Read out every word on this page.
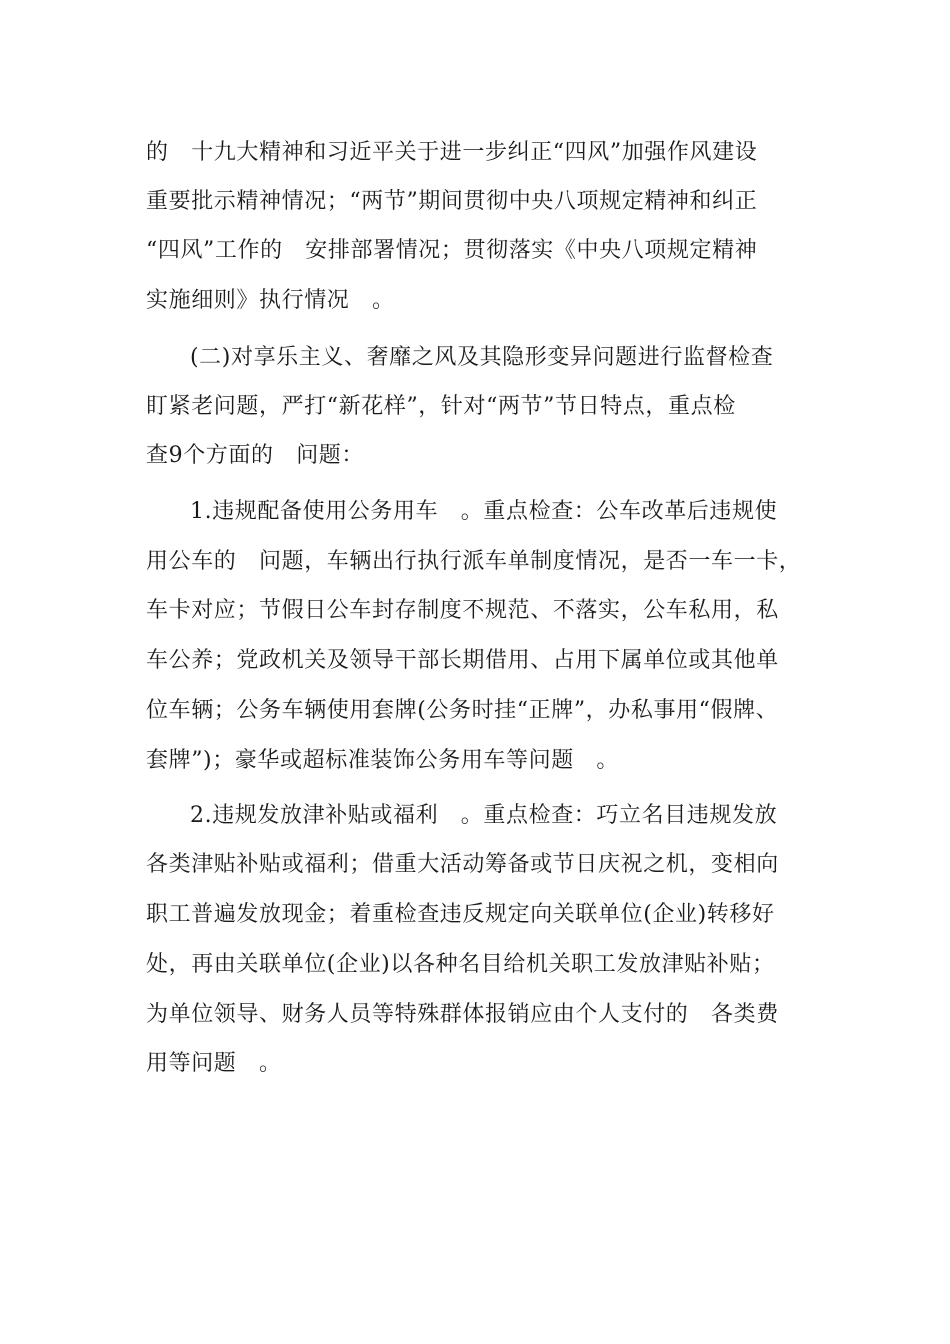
的　十九大精神和习近平关于进一步纠正“四风”加强作风建设
重要批示精神情况；“两节”期间贯彻中央八项规定精神和纠正
“四风”工作的　安排部署情况；贯彻落实《中央八项规定精神
实施细则》执行情况　。
(二)对享乐主义、奢靡之风及其隐形变异问题进行监督检查
盯紧老问题，严打“新花样”，针对“两节”节日特点，重点检
查9个方面的　问题：
1.违规配备使用公务用车　。重点检查：公车改革后违规使
用公车的　问题，车辆出行执行派车单制度情况，是否一车一卡，
车卡对应；节假日公车封存制度不规范、不落实，公车私用，私
车公养；党政机关及领导干部长期借用、占用下属单位或其他单
位车辆；公务车辆使用套牌(公务时挂“正牌”，办私事用“假牌、
套牌”)；豪华或超标准装饰公务用车等问题　。
2.违规发放津补贴或福利　。重点检查：巧立名目违规发放
各类津贴补贴或福利；借重大活动筹备或节日庆祝之机，变相向
职工普遍发放现金；着重检查违反规定向关联单位(企业)转移好
处，再由关联单位(企业)以各种名目给机关职工发放津贴补贴；
为单位领导、财务人员等特殊群体报销应由个人支付的　各类费
用等问题　。
